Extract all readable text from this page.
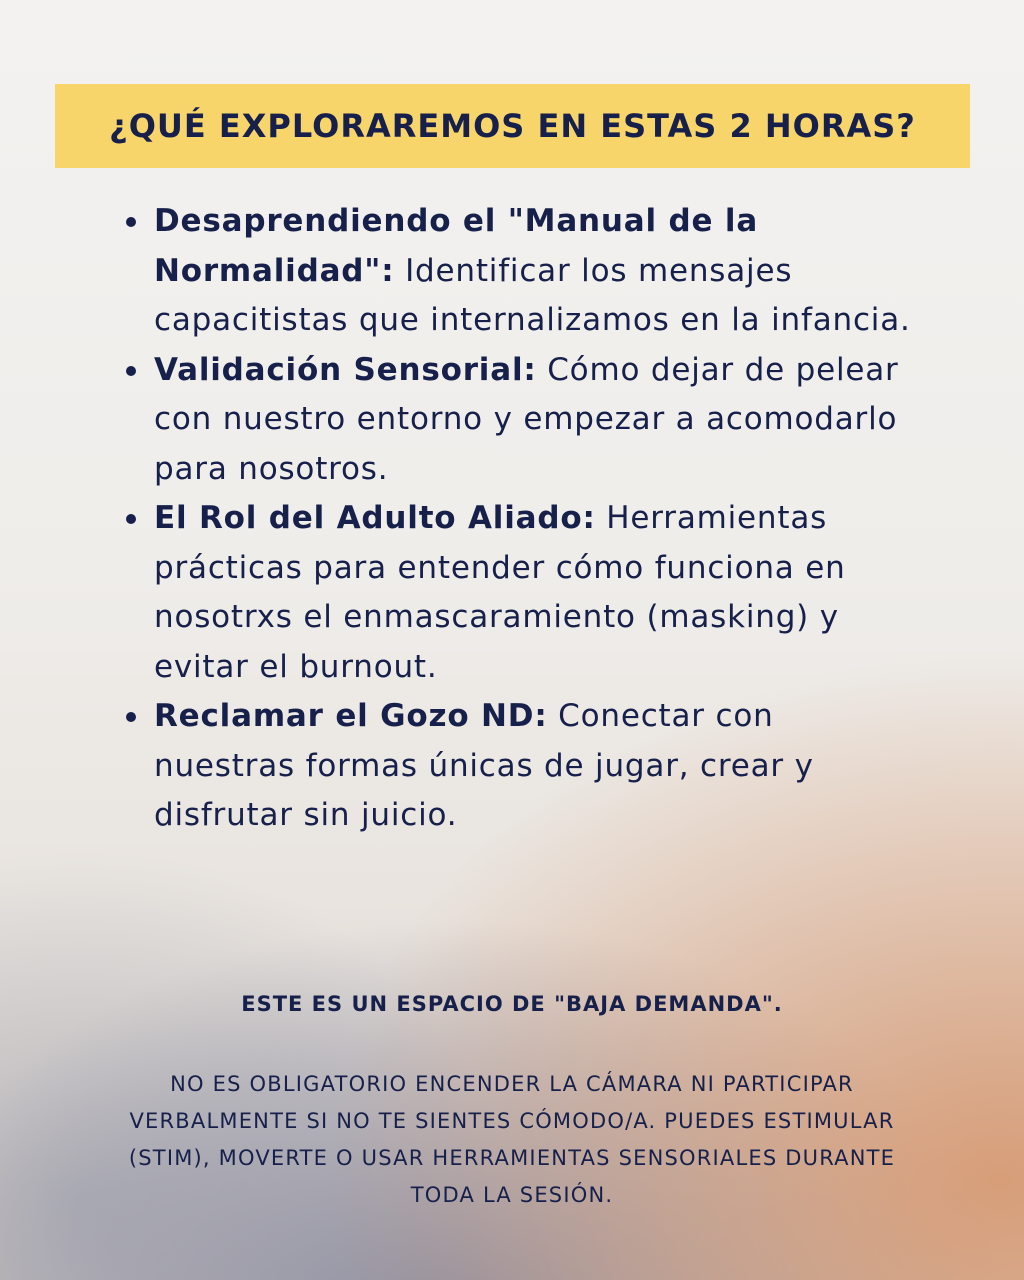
¿QUÉ EXPLORAREMOS EN ESTAS 2 HORAS?
Desaprendiendo el "Manual de la Normalidad": Identificar los mensajes capacitistas que internalizamos en la infancia.
Validación Sensorial: Cómo dejar de pelear con nuestro entorno y empezar a acomodarlo para nosotros.
El Rol del Adulto Aliado: Herramientas prácticas para entender cómo funciona en nosotrxs el enmascaramiento (masking) y evitar el burnout.
Reclamar el Gozo ND: Conectar con nuestras formas únicas de jugar, crear y disfrutar sin juicio.
ESTE ES UN ESPACIO DE "BAJA DEMANDA".
NO ES OBLIGATORIO ENCENDER LA CÁMARA NI PARTICIPAR VERBALMENTE SI NO TE SIENTES CÓMODO/A. PUEDES ESTIMULAR (STIM), MOVERTE O USAR HERRAMIENTAS SENSORIALES DURANTE TODA LA SESIÓN.
